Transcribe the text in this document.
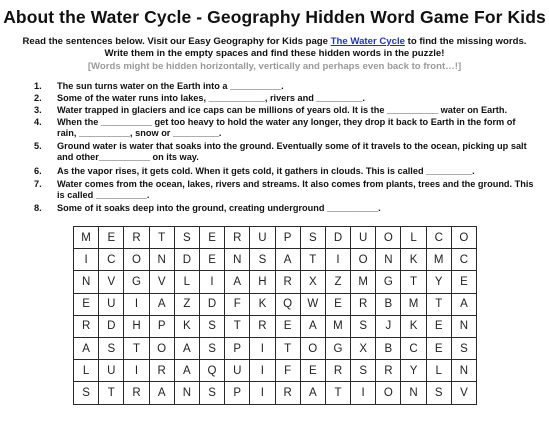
About the Water Cycle - Geography Hidden Word Game For Kids
Read the sentences below. Visit our Easy Geography for Kids page The Water Cycle to find the missing words.
Write them in the empty spaces and find these hidden words in the puzzle!
[Words might be hidden horizontally, vertically and perhaps even back to front…!]
1. The sun turns water on the Earth into a __________.
2. Some of the water runs into lakes, ___________, rivers and _________.
3. Water trapped in glaciers and ice caps can be millions of years old. It is the __________ water on Earth.
4. When the __________ get too heavy to hold the water any longer, they drop it back to Earth in the form of rain, __________, snow or _________.
5. Ground water is water that soaks into the ground. Eventually some of it travels to the ocean, picking up salt and other__________ on its way.
6. As the vapor rises, it gets cold. When it gets cold, it gathers in clouds. This is called _________.
7. Water comes from the ocean, lakes, rivers and streams. It also comes from plants, trees and the ground. This is called __________.
8. Some of it soaks deep into the ground, creating underground __________.
M	E	R	T	S	E	R	U	P	S	D	U	O	L	C	O
I	C	O	N	D	E	N	S	A	T	I	O	N	K	M	C
N	V	G	V	L	I	A	H	R	X	Z	M	G	T	Y	E
E	U	I	A	Z	D	F	K	Q	W	E	R	B	M	T	A
R	D	H	P	K	S	T	R	E	A	M	S	J	K	E	N
A	S	T	O	A	S	P	I	T	O	G	X	B	C	E	S
L	U	I	R	A	Q	U	I	F	E	R	S	R	Y	L	N
S	T	R	A	N	S	P	I	R	A	T	I	O	N	S	V
